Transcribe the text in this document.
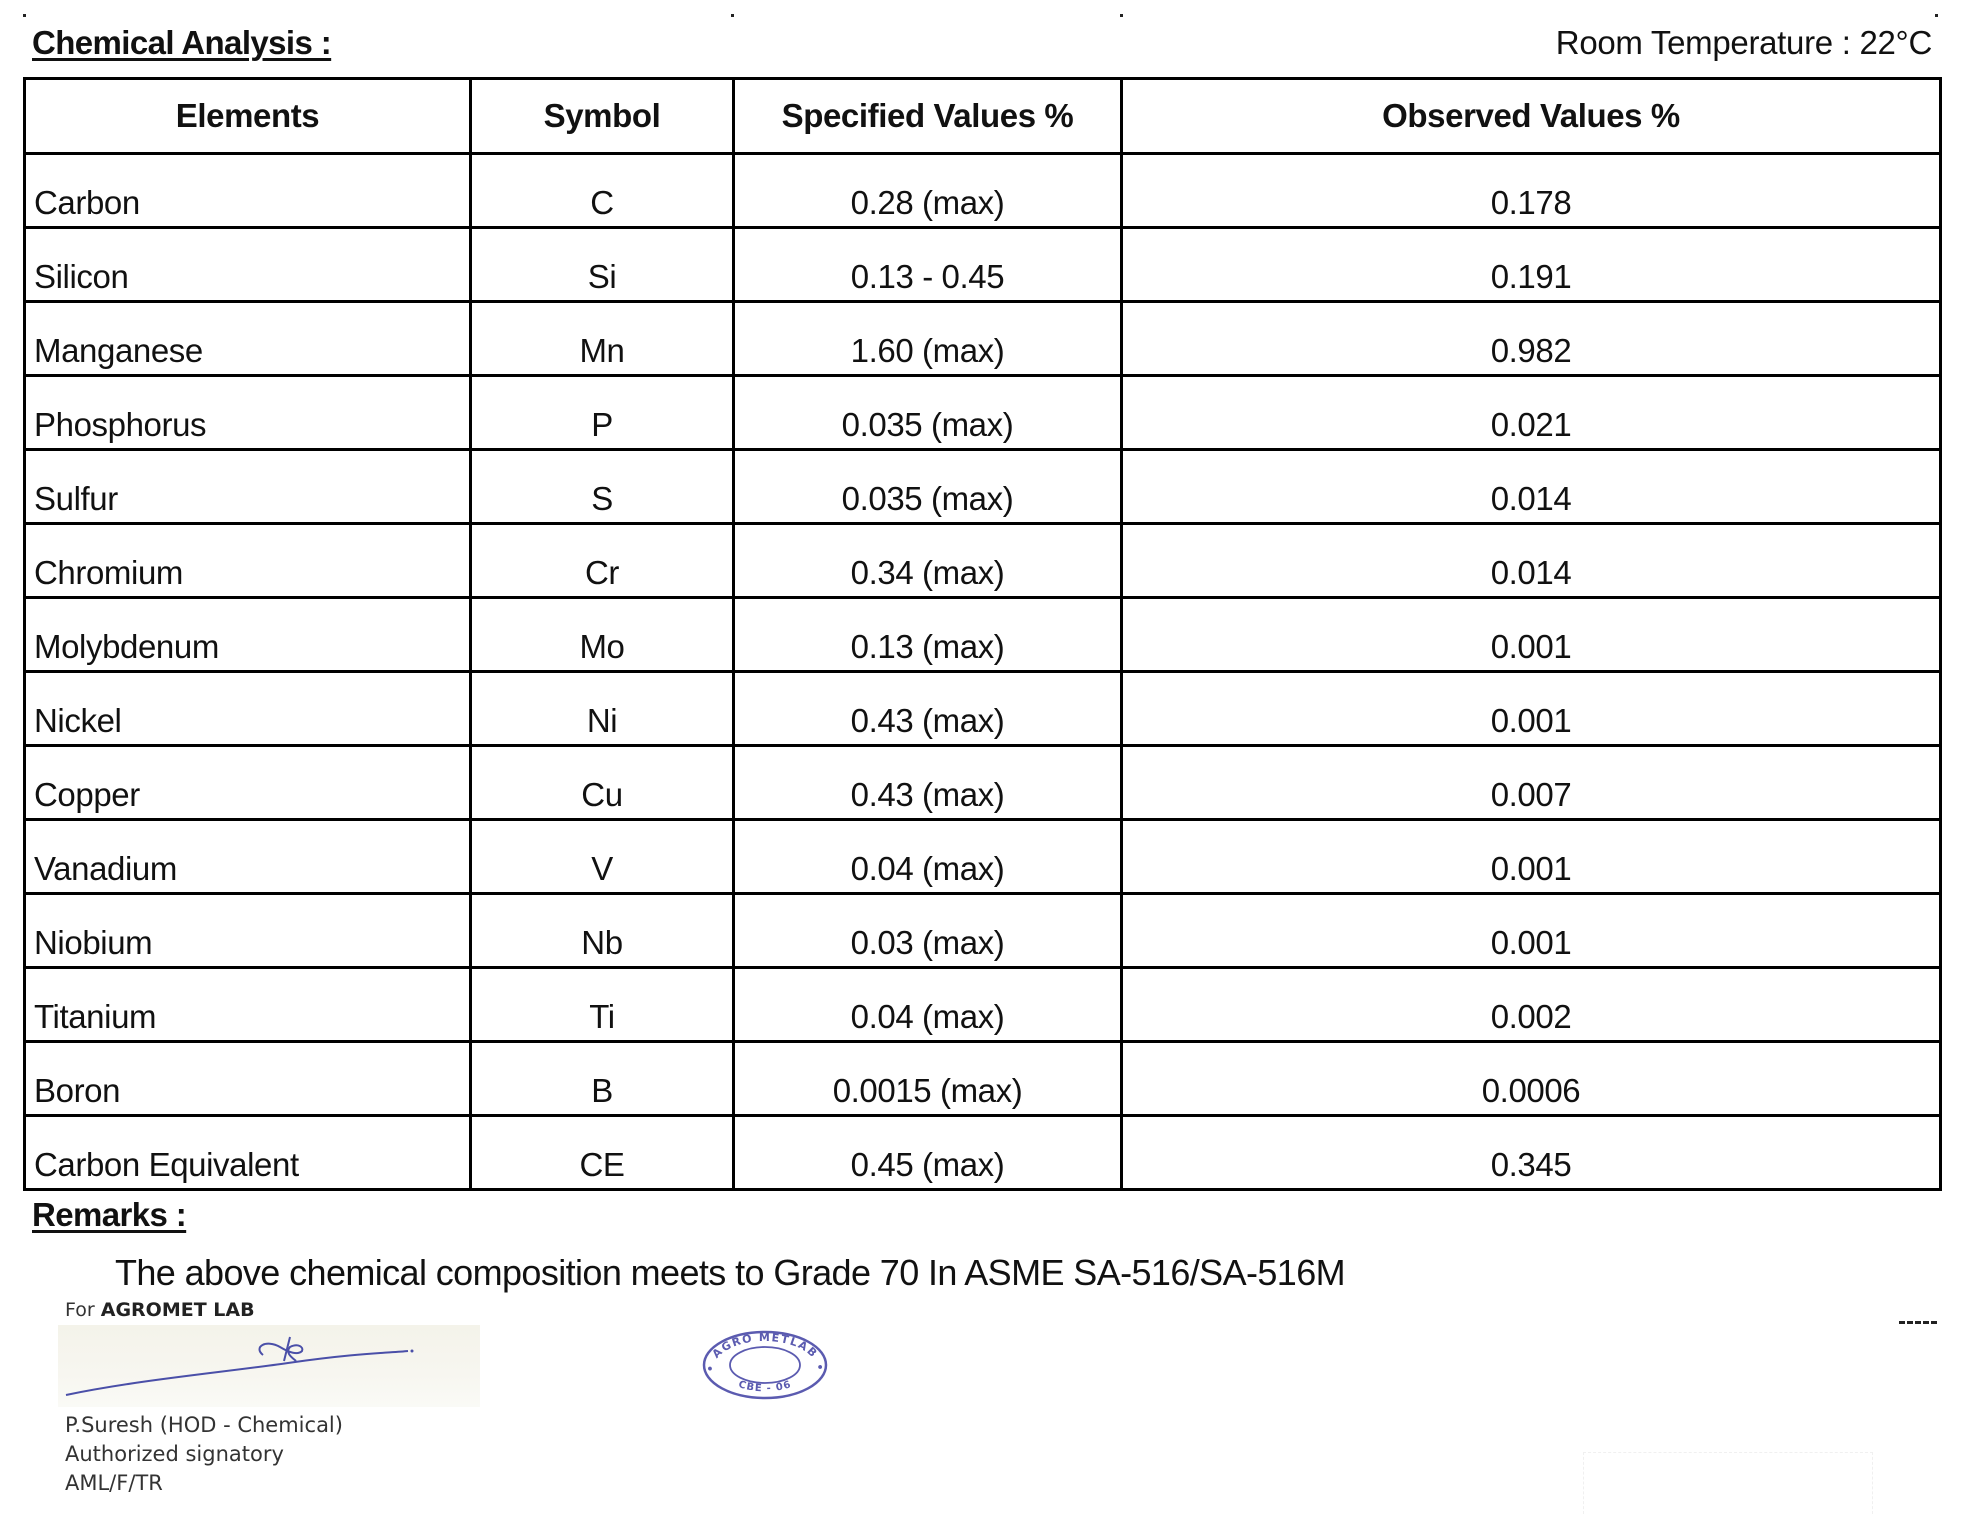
Chemical Analysis :	Room Temperature : 22°C
Elements	Symbol	Specified Values %	Observed Values %
Carbon	C	0.28 (max)	0.178
Silicon	Si	0.13 - 0.45	0.191
Manganese	Mn	1.60 (max)	0.982
Phosphorus	P	0.035 (max)	0.021
Sulfur	S	0.035 (max)	0.014
Chromium	Cr	0.34 (max)	0.014
Molybdenum	Mo	0.13 (max)	0.001
Nickel	Ni	0.43 (max)	0.001
Copper	Cu	0.43 (max)	0.007
Vanadium	V	0.04 (max)	0.001
Niobium	Nb	0.03 (max)	0.001
Titanium	Ti	0.04 (max)	0.002
Boron	B	0.0015 (max)	0.0006
Carbon Equivalent	CE	0.45 (max)	0.345
Remarks :
The above chemical composition meets to Grade 70 In ASME SA-516/SA-516M
For AGROMET LAB
P.Suresh (HOD - Chemical)
Authorized signatory
AML/F/TR
• AGRO METLAB •
CBE - 06
